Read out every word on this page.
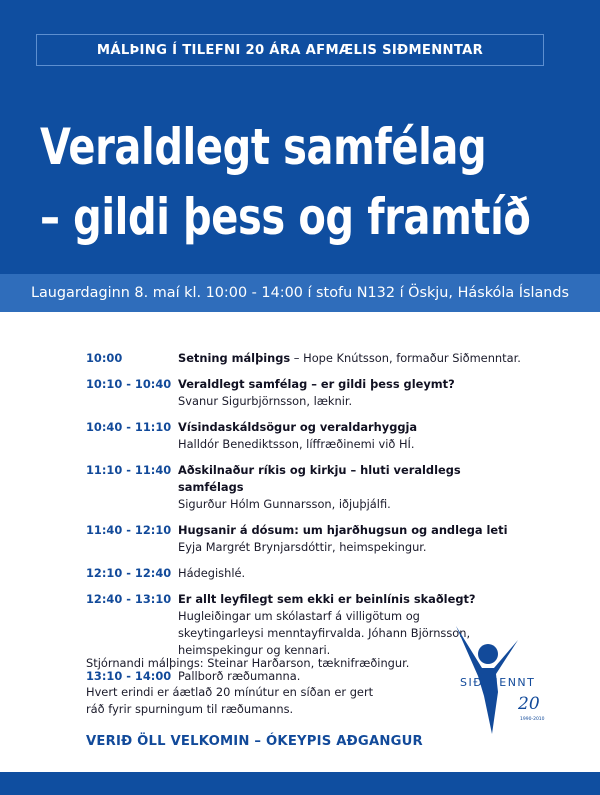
MÁLÞING Í TILEFNI 20 ÁRA AFMÆLIS SIÐMENNTAR
Veraldlegt samfélag
– gildi þess og framtíð
Laugardaginn 8. maí kl. 10:00 - 14:00 í stofu N132 í Öskju, Háskóla Íslands
10:00	Setning málþings – Hope Knútsson, formaður Siðmenntar.
10:10 - 10:40 Veraldlegt samfélag – er gildi þess gleymt?
Svanur Sigurbjörnsson, læknir.
10:40 - 11:10 Vísindaskáldsögur og veraldarhyggja
Halldór Benediktsson, líffræðinemi við HÍ.
11:10 - 11:40 Aðskilnaður ríkis og kirkju – hluti veraldlegs samfélags
Sigurður Hólm Gunnarsson, iðjuþjálfi.
11:40 - 12:10 Hugsanir á dósum: um hjarðhugsun og andlega leti
Eyja Margrét Brynjarsdóttir, heimspekingur.
12:10 - 12:40 Hádegishlé.
12:40 - 13:10 Er allt leyfilegt sem ekki er beinlínis skaðlegt?
Hugleiðingar um skólastarf á villigötum og
skeytingarleysi menntayfirvalda. Jóhann Björnsson,
heimspekingur og kennari.
13:10 - 14:00 Pallborð ræðumanna.
Stjórnandi málþings: Steinar Harðarson, tæknifræðingur.
Hvert erindi er áætlað 20 mínútur en síðan er gert ráð fyrir spurningum til ræðumanns.
VERIÐ ÖLL VELKOMIN – ÓKEYPIS AÐGANGUR
SIÐ MENNT
20
1990-2010
